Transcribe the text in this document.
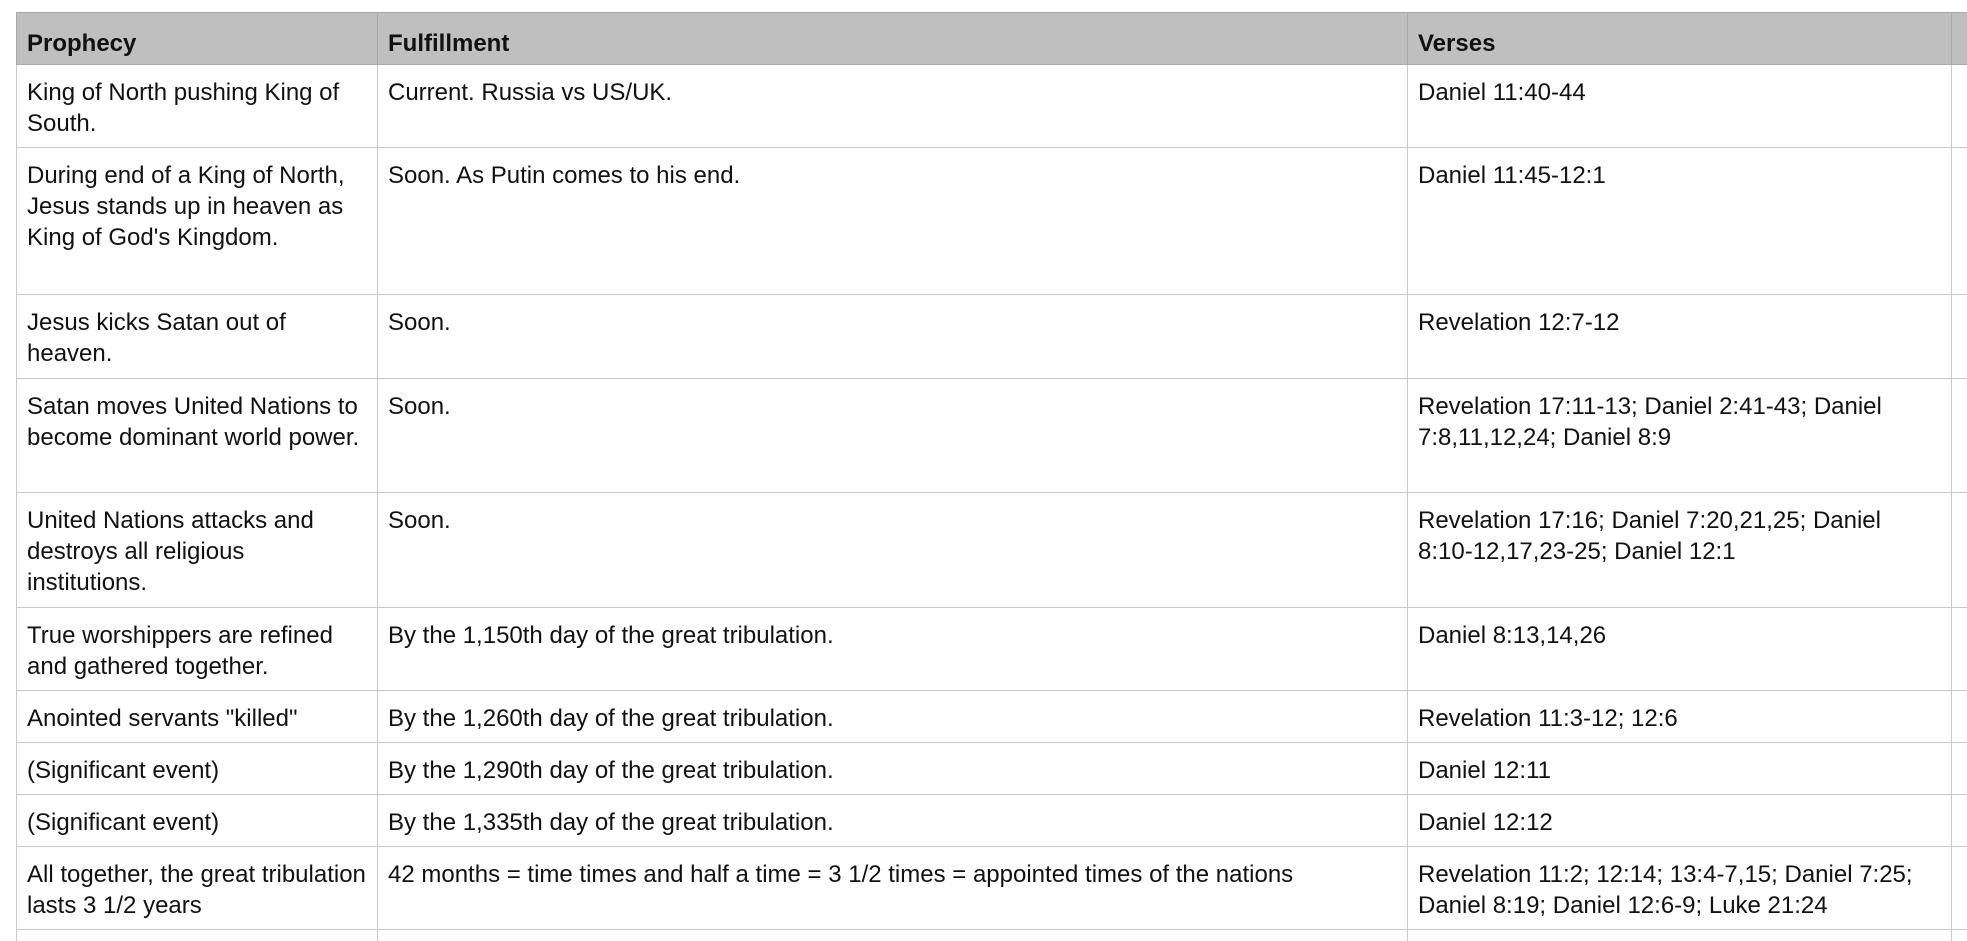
Prophecy	Fulfillment	Verses	
King of North pushing King of South.	Current. Russia vs US/UK.	Daniel 11:40-44	
During end of a King of North, Jesus stands up in heaven as King of God's Kingdom.	Soon. As Putin comes to his end.	Daniel 11:45-12:1	
Jesus kicks Satan out of heaven.	Soon.	Revelation 12:7-12	
Satan moves United Nations to become dominant world power.	Soon.	Revelation 17:11-13; Daniel 2:41-43; Daniel 7:8,11,12,24; Daniel 8:9	
United Nations attacks and destroys all religious institutions.	Soon.	Revelation 17:16; Daniel 7:20,21,25; Daniel 8:10-12,17,23-25; Daniel 12:1	
True worshippers are refined and gathered together.	By the 1,150th day of the great tribulation.	Daniel 8:13,14,26	
Anointed servants "killed"	By the 1,260th day of the great tribulation.	Revelation 11:3-12; 12:6	
(Significant event)	By the 1,290th day of the great tribulation.	Daniel 12:11	
(Significant event)	By the 1,335th day of the great tribulation.	Daniel 12:12	
All together, the great tribulation lasts 3 1/2 years	42 months = time times and half a time = 3 1/2 times = appointed times of the nations	Revelation 11:2; 12:14; 13:4-7,15; Daniel 7:25; Daniel 8:19; Daniel 12:6-9; Luke 21:24	
